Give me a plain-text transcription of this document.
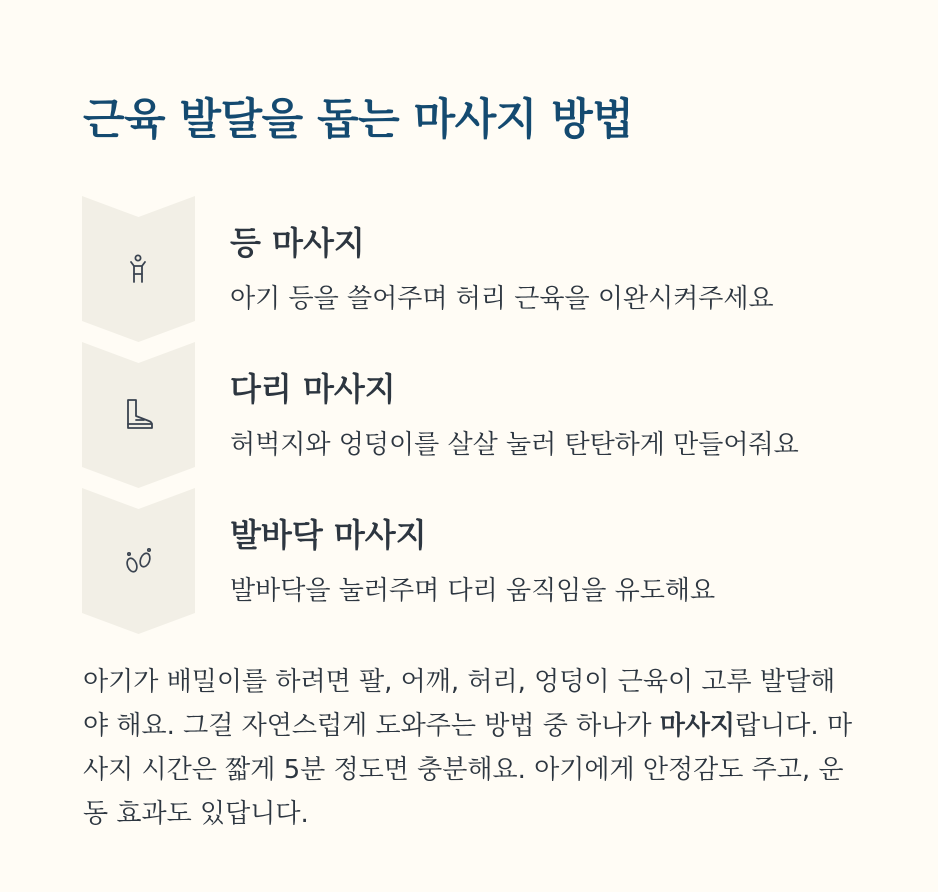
근육 발달을 돕는 마사지 방법
등 마사지

아기 등을 쓸어주며 허리 근육을 이완시켜주세요

다리 마사지

허벅지와 엉덩이를 살살 눌러 탄탄하게 만들어줘요

발바닥 마사지

발바닥을 눌러주며 다리 움직임을 유도해요

아기가 배밀이를 하려면 팔, 어깨, 허리, 엉덩이 근육이 고루 발달해야 해요. 그걸 자연스럽게 도와주는 방법 중 하나가 마사지랍니다. 마사지 시간은 짧게 5분 정도면 충분해요. 아기에게 안정감도 주고, 운동 효과도 있답니다.
